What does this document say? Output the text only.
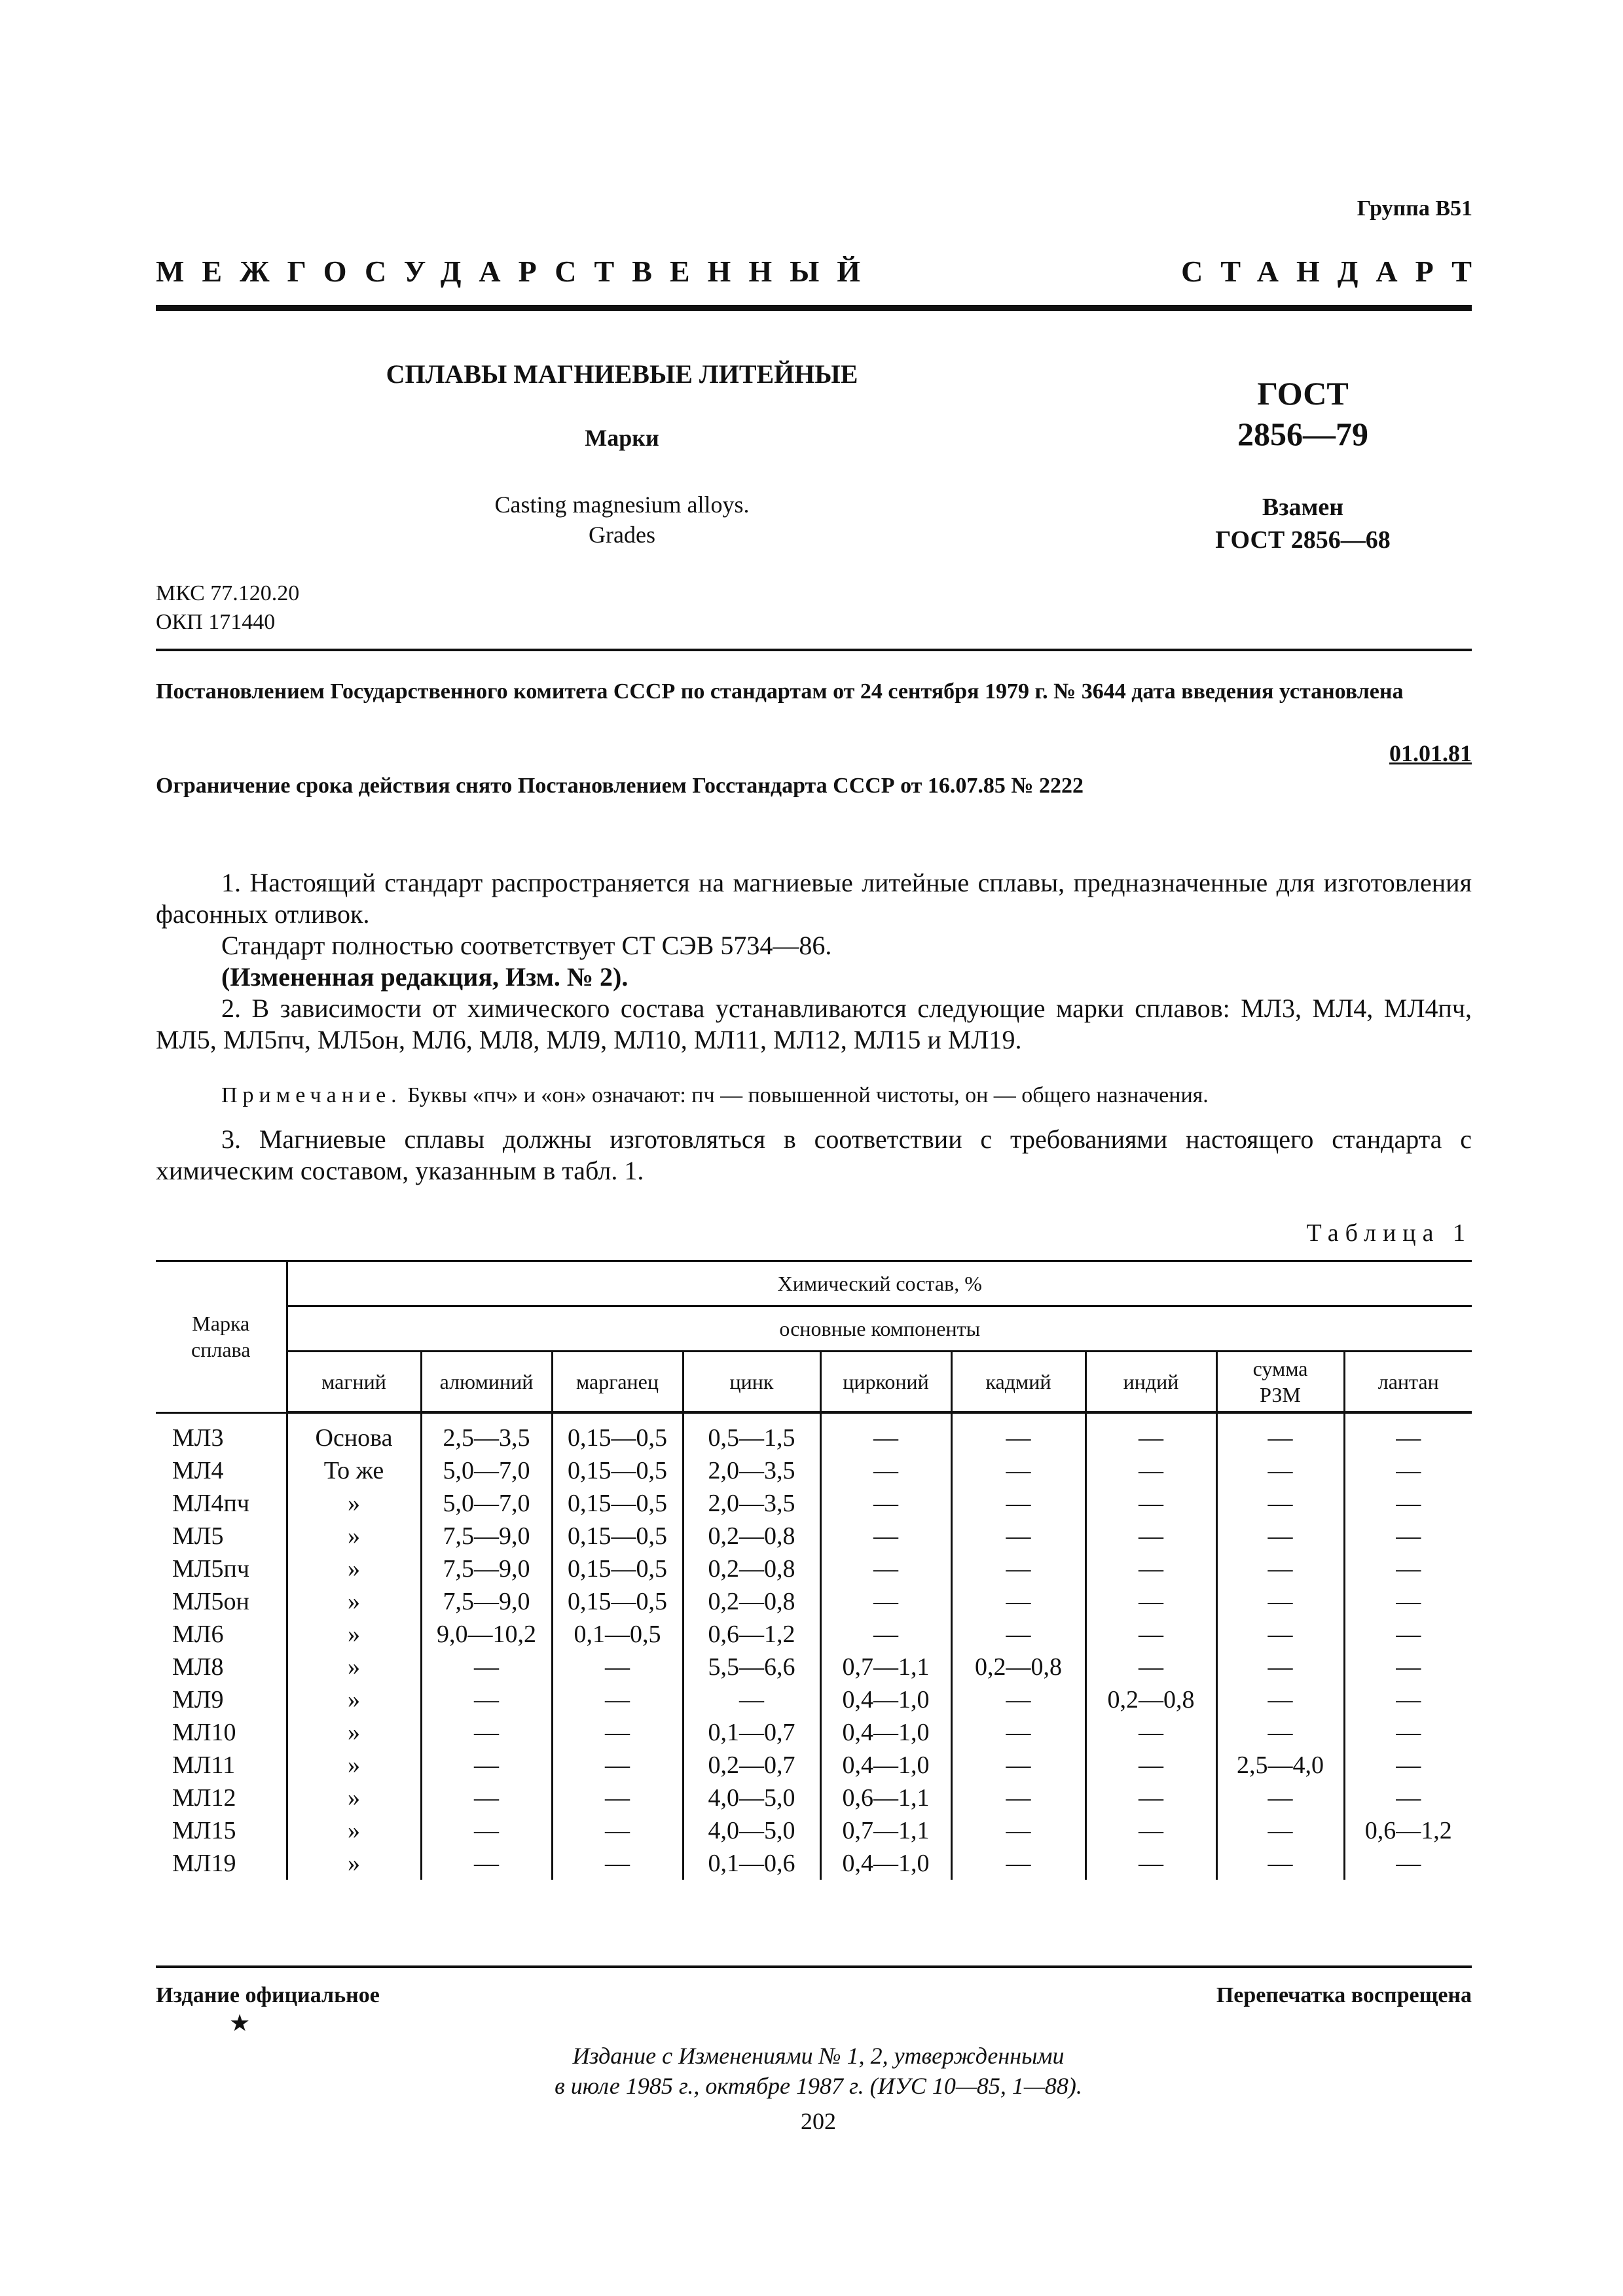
Группа В51
МЕЖГОСУДАРСТВЕННЫЙ	СТАНДАРТ
СПЛАВЫ МАГНИЕВЫЕ ЛИТЕЙНЫЕ
Марки
Casting magnesium alloys.
Grades
ГОСТ
2856—79
Взамен
ГОСТ 2856—68
МКС 77.120.20
ОКП 171440
Постановлением Государственного комитета СССР по стандартам от 24 сентября 1979 г. № 3644 дата введения установлена
01.01.81
Ограничение срока действия снято Постановлением Госстандарта СССР от 16.07.85 № 2222
1. Настоящий стандарт распространяется на магниевые литейные сплавы, предназначенные для изготовления фасонных отливок.
Стандарт полностью соответствует СТ СЭВ 5734—86.
(Измененная редакция, Изм. № 2).
2. В зависимости от химического состава устанавливаются следующие марки сплавов: МЛ3, МЛ4, МЛ4пч, МЛ5, МЛ5пч, МЛ5он, МЛ6, МЛ8, МЛ9, МЛ10, МЛ11, МЛ12, МЛ15 и МЛ19.
Примечание. Буквы «пч» и «он» означают: пч — повышенной чистоты, он — общего назначения.
3. Магниевые сплавы должны изготовляться в соответствии с требованиями настоящего стандарта с химическим составом, указанным в табл. 1.
Таблица 1
Марка сплава	Химический состав, %								
	основные компоненты								
	магний	алюминий	марганец	цинк	цирконий	кадмий	индий	сумма РЗМ	лантан
МЛ3	Основа	2,5—3,5	0,15—0,5	0,5—1,5	—	—	—	—	—
МЛ4	То же	5,0—7,0	0,15—0,5	2,0—3,5	—	—	—	—	—
МЛ4пч	»	5,0—7,0	0,15—0,5	2,0—3,5	—	—	—	—	—
МЛ5	»	7,5—9,0	0,15—0,5	0,2—0,8	—	—	—	—	—
МЛ5пч	»	7,5—9,0	0,15—0,5	0,2—0,8	—	—	—	—	—
МЛ5он	»	7,5—9,0	0,15—0,5	0,2—0,8	—	—	—	—	—
МЛ6	»	9,0—10,2	0,1—0,5	0,6—1,2	—	—	—	—	—
МЛ8	»	—	—	5,5—6,6	0,7—1,1	0,2—0,8	—	—	—
МЛ9	»	—	—	—	0,4—1,0	—	0,2—0,8	—	—
МЛ10	»	—	—	0,1—0,7	0,4—1,0	—	—	—	—
МЛ11	»	—	—	0,2—0,7	0,4—1,0	—	—	2,5—4,0	—
МЛ12	»	—	—	4,0—5,0	0,6—1,1	—	—	—	—
МЛ15	»	—	—	4,0—5,0	0,7—1,1	—	—	—	0,6—1,2
МЛ19	»	—	—	0,1—0,6	0,4—1,0	—	—	—	—
Издание официальное	Перепечатка воспрещена
★
Издание с Изменениями № 1, 2, утвержденными
в июле 1985 г., октябре 1987 г. (ИУС 10—85, 1—88).
202
